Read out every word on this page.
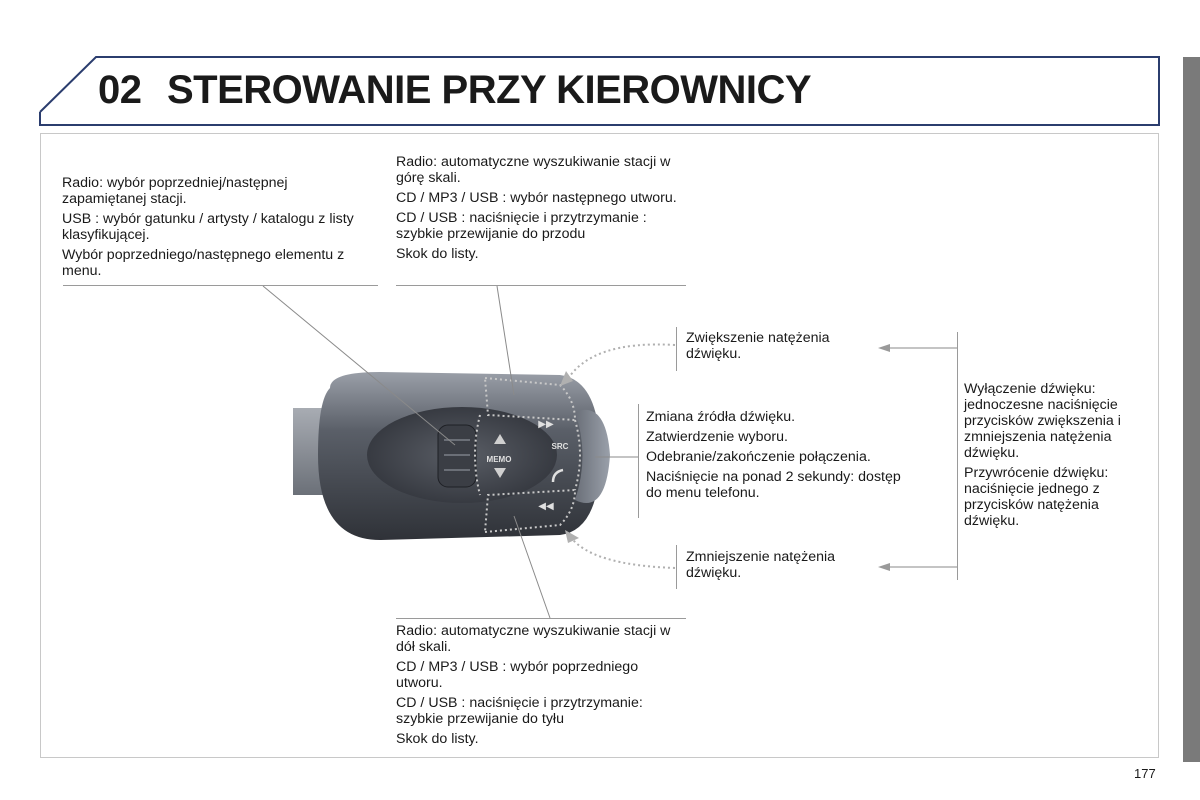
02 STEROWANIE PRZY KIEROWNICY
MEMO
▶▶
◀◀
SRC

Radio: wybór poprzedniej/następnej zapamiętanej stacji.

USB : wybór gatunku / artysty / katalogu z listy klasyfikującej.

Wybór poprzedniego/następnego elementu z menu.

Radio: automatyczne wyszukiwanie stacji w górę skali.

CD / MP3 / USB : wybór następnego utworu.

CD / USB : naciśnięcie i przytrzymanie : szybkie przewijanie do przodu

Skok do listy.

Zwiększenie natężenia dźwięku.

Zmiana źródła dźwięku.

Zatwierdzenie wyboru.

Odebranie/zakończenie połączenia.

Naciśnięcie na ponad 2 sekundy: dostęp do menu telefonu.

Wyłączenie dźwięku: jednoczesne naciśnięcie przycisków zwiększenia i zmniejszenia natężenia dźwięku.

Przywrócenie dźwięku: naciśnięcie jednego z przycisków natężenia dźwięku.

Zmniejszenie natężenia dźwięku.

Radio: automatyczne wyszukiwanie stacji w dół skali.

CD / MP3 / USB : wybór poprzedniego utworu.

CD / USB : naciśnięcie i przytrzymanie: szybkie przewijanie do tyłu

Skok do listy.

177
